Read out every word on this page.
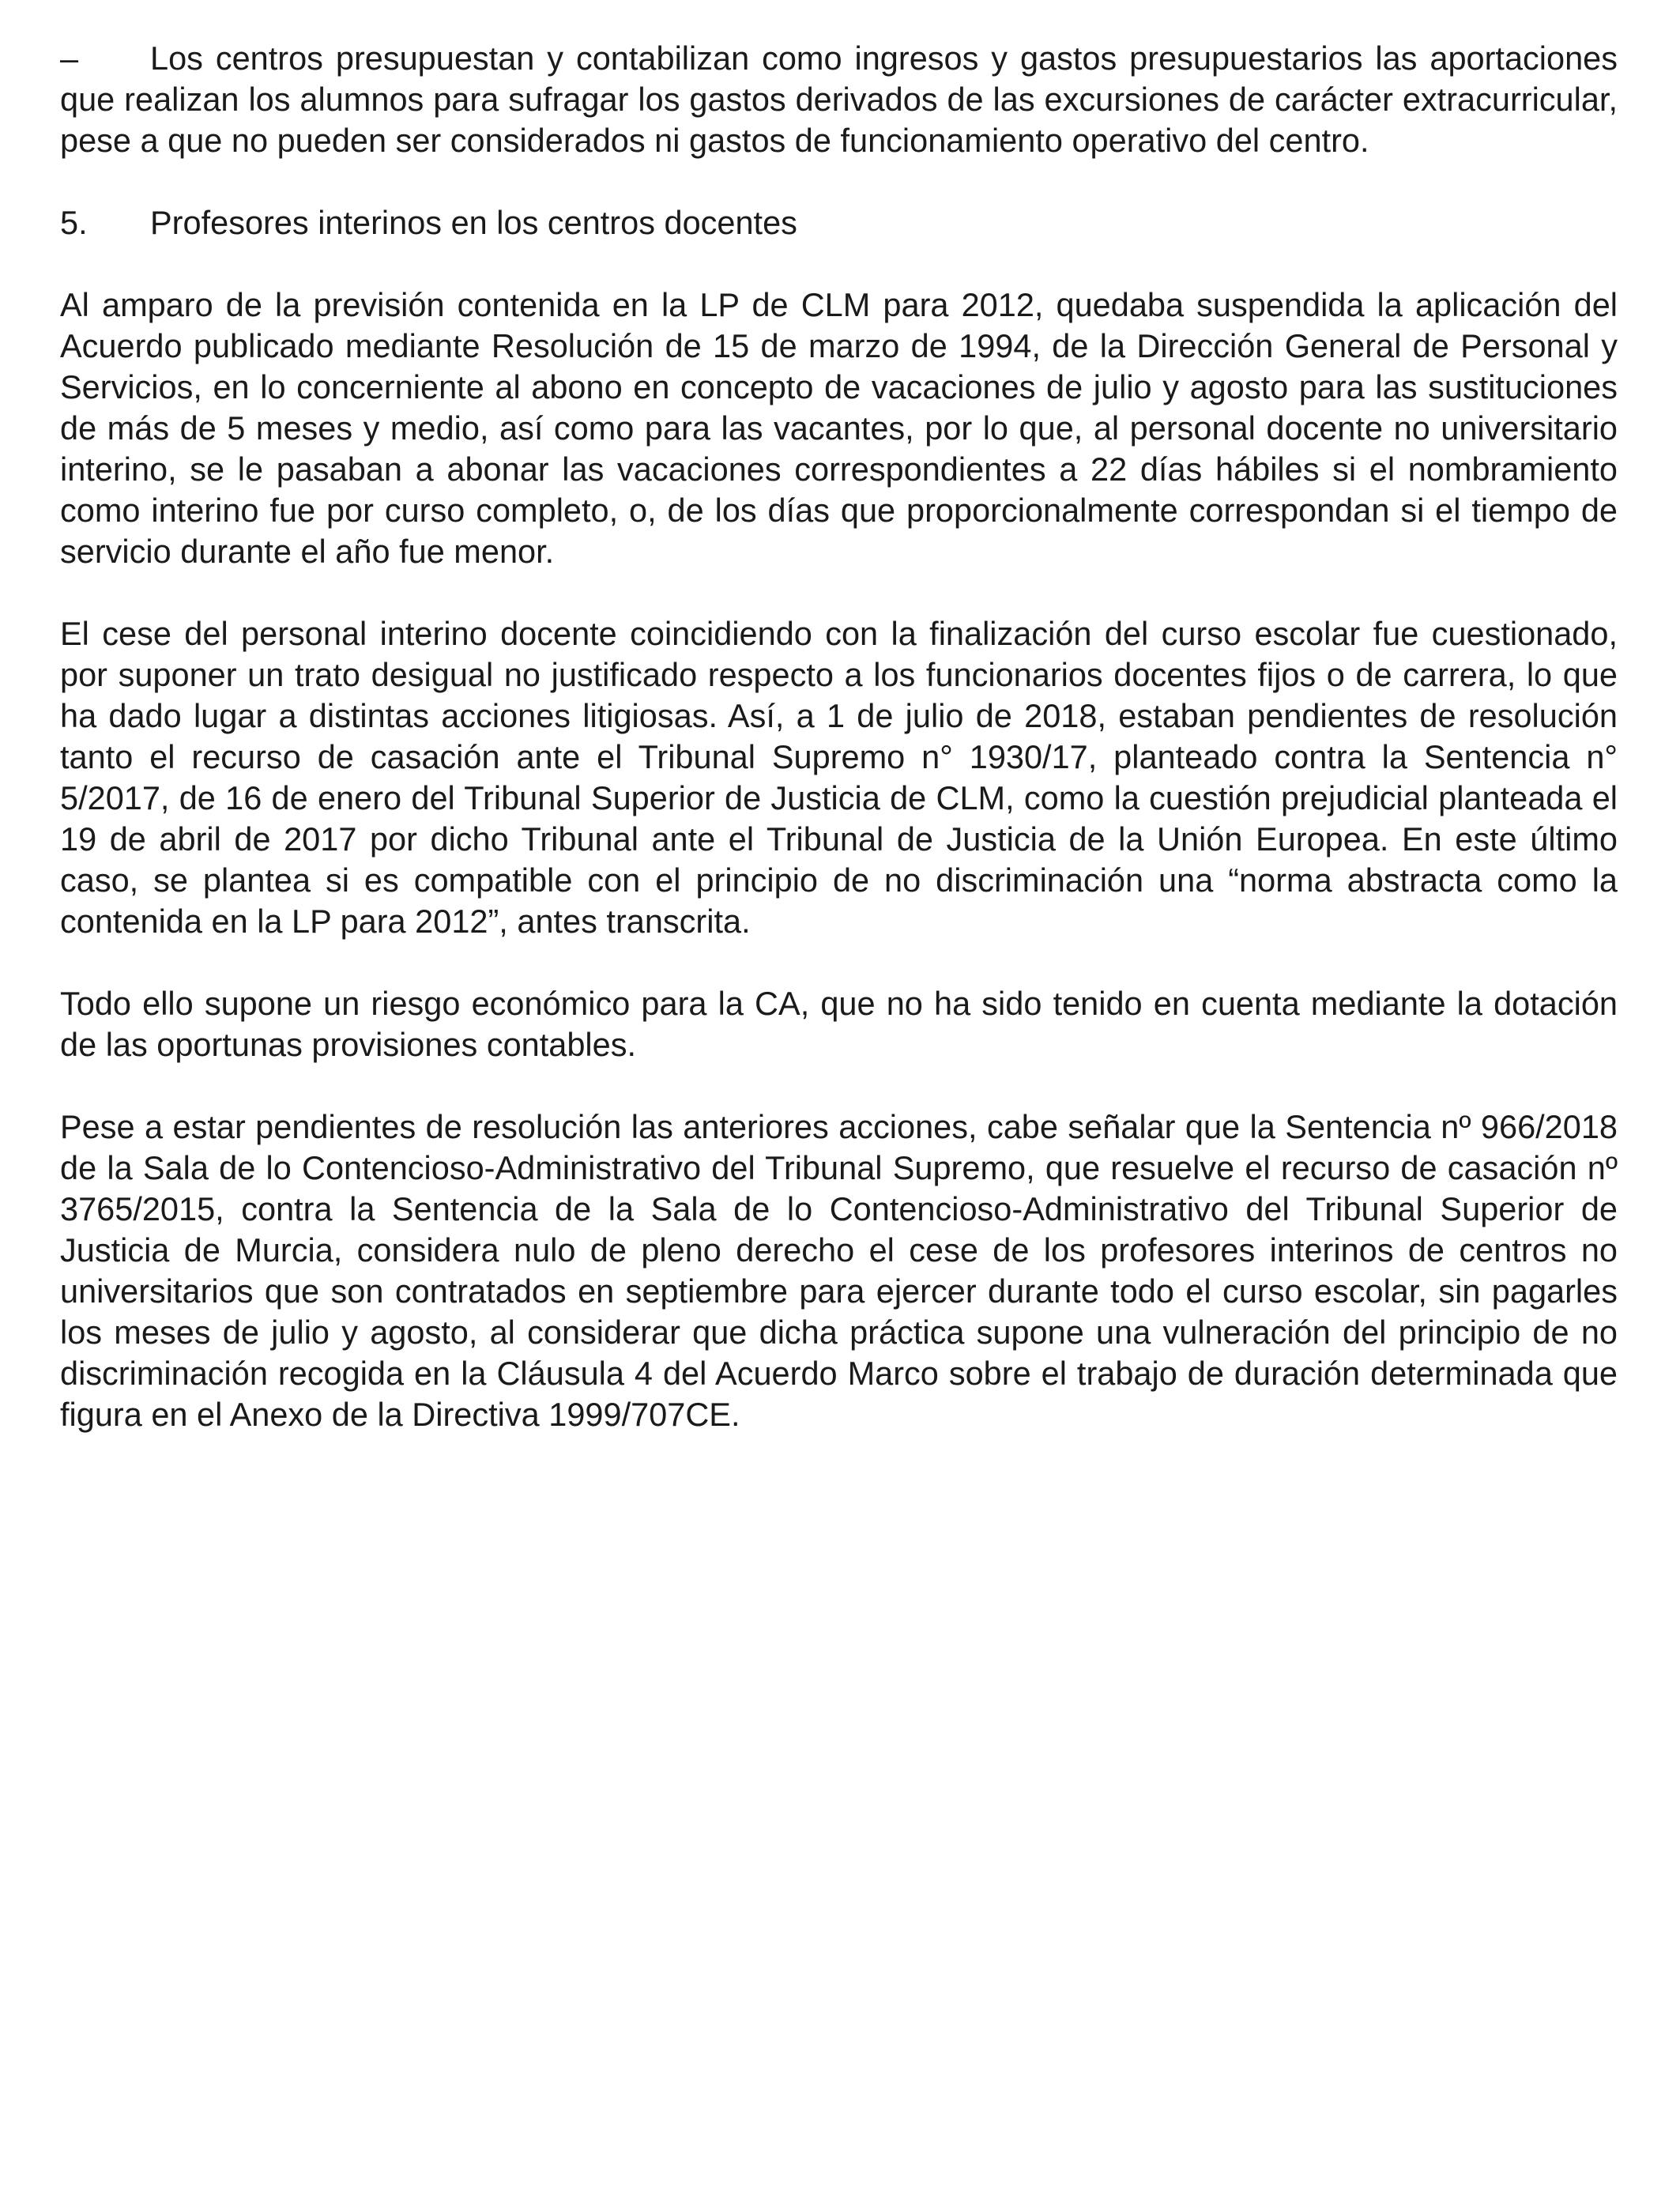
– Los centros presupuestan y contabilizan como ingresos y gastos presupuestarios las aportaciones que realizan los alumnos para sufragar los gastos derivados de las excursiones de carácter extracurricular, pese a que no pueden ser considerados ni gastos de funcionamiento operativo del centro.

5. Profesores interinos en los centros docentes

Al amparo de la previsión contenida en la LP de CLM para 2012, quedaba suspendida la aplicación del Acuerdo publicado mediante Resolución de 15 de marzo de 1994, de la Dirección General de Personal y Servicios, en lo concerniente al abono en concepto de vacaciones de julio y agosto para las sustituciones de más de 5 meses y medio, así como para las vacantes, por lo que, al personal docente no universitario interino, se le pasaban a abonar las vacaciones correspondientes a 22 días hábiles si el nombramiento como interino fue por curso completo, o, de los días que proporcionalmente correspondan si el tiempo de servicio durante el año fue menor.

El cese del personal interino docente coincidiendo con la finalización del curso escolar fue cuestionado, por suponer un trato desigual no justificado respecto a los funcionarios docentes fijos o de carrera, lo que ha dado lugar a distintas acciones litigiosas. Así, a 1 de julio de 2018, estaban pendientes de resolución tanto el recurso de casación ante el Tribunal Supremo n° 1930/17, planteado contra la Sentencia n° 5/2017, de 16 de enero del Tribunal Superior de Justicia de CLM, como la cuestión prejudicial planteada el 19 de abril de 2017 por dicho Tribunal ante el Tribunal de Justicia de la Unión Europea. En este último caso, se plantea si es compatible con el principio de no discriminación una “norma abstracta como la contenida en la LP para 2012”, antes transcrita.

Todo ello supone un riesgo económico para la CA, que no ha sido tenido en cuenta mediante la dotación de las oportunas provisiones contables.

Pese a estar pendientes de resolución las anteriores acciones, cabe señalar que la Sentencia nº 966/2018 de la Sala de lo Contencioso-Administrativo del Tribunal Supremo, que resuelve el recurso de casación nº 3765/2015, contra la Sentencia de la Sala de lo Contencioso-Administrativo del Tribunal Superior de Justicia de Murcia, considera nulo de pleno derecho el cese de los profesores interinos de centros no universitarios que son contratados en septiembre para ejercer durante todo el curso escolar, sin pagarles los meses de julio y agosto, al considerar que dicha práctica supone una vulneración del principio de no discriminación recogida en la Cláusula 4 del Acuerdo Marco sobre el trabajo de duración determinada que figura en el Anexo de la Directiva 1999/707CE.
